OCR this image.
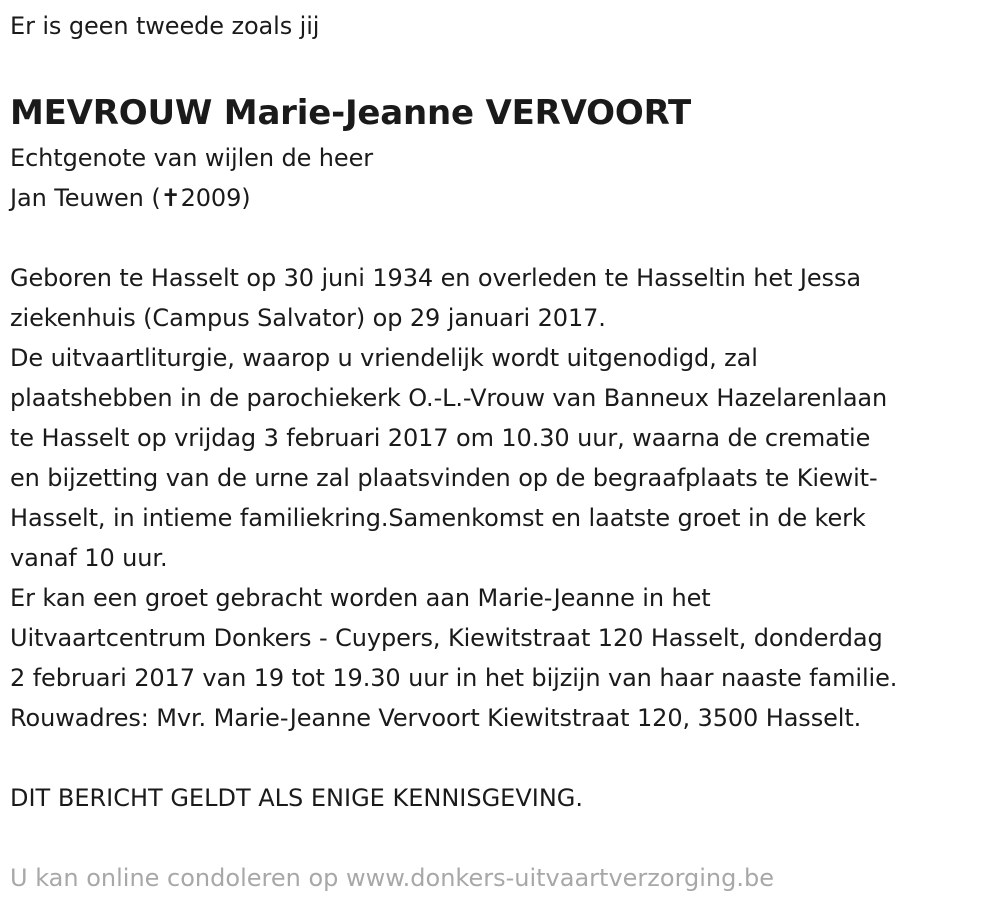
Er is geen tweede zoals jij

MEVROUW Marie-Jeanne VERVOORT

Echtgenote van wijlen de heer

Jan Teuwen (✝2009)

Geboren te Hasselt op 30 juni 1934 en overleden te Hasseltin het Jessa

ziekenhuis (Campus Salvator) op 29 januari 2017.

De uitvaartliturgie, waarop u vriendelijk wordt uitgenodigd, zal

plaatshebben in de parochiekerk O.-L.-Vrouw van Banneux Hazelarenlaan

te Hasselt op vrijdag 3 februari 2017 om 10.30 uur, waarna de crematie

en bijzetting van de urne zal plaatsvinden op de begraafplaats te Kiewit-

Hasselt, in intieme familiekring.Samenkomst en laatste groet in de kerk

vanaf 10 uur.

Er kan een groet gebracht worden aan Marie-Jeanne in het

Uitvaartcentrum Donkers - Cuypers, Kiewitstraat 120 Hasselt, donderdag

2 februari 2017 van 19 tot 19.30 uur in het bijzijn van haar naaste familie.

Rouwadres: Mvr. Marie-Jeanne Vervoort Kiewitstraat 120, 3500 Hasselt.

DIT BERICHT GELDT ALS ENIGE KENNISGEVING.
U kan online condoleren op www.donkers-uitvaartverzorging.be
